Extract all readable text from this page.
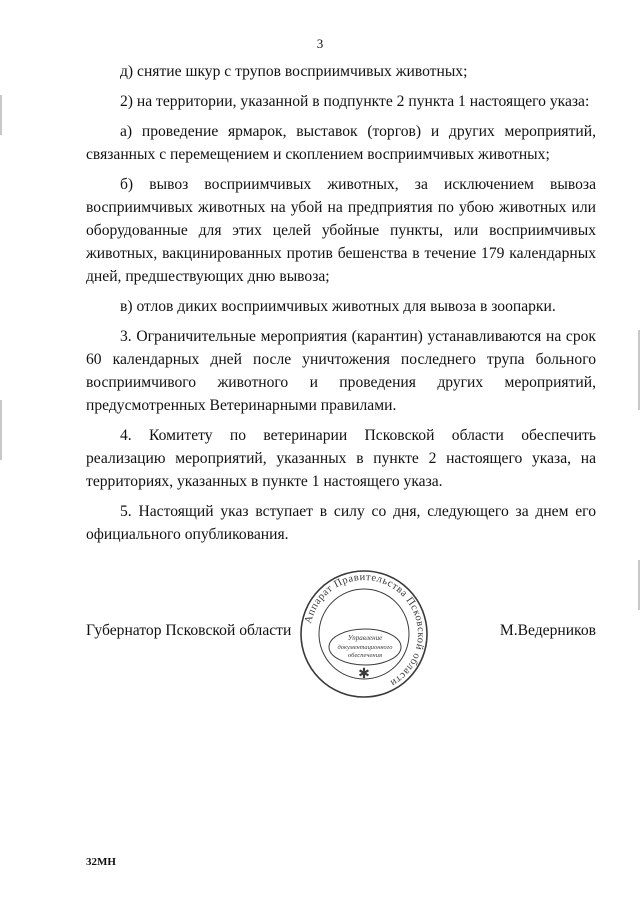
3

д) снятие шкур с трупов восприимчивых животных;

2) на территории, указанной в подпункте 2 пункта 1 настоящего указа:

а) проведение ярмарок, выставок (торгов) и других мероприятий, связанных с перемещением и скоплением восприимчивых животных;

б) вывоз восприимчивых животных, за исключением вывоза восприимчивых животных на убой на предприятия по убою животных или оборудованные для этих целей убойные пункты, или восприимчивых животных, вакцинированных против бешенства в течение 179 календарных дней, предшествующих дню вывоза;

в) отлов диких восприимчивых животных для вывоза в зоопарки.

3. Ограничительные мероприятия (карантин) устанавливаются на срок 60 календарных дней после уничтожения последнего трупа больного восприимчивого животного и проведения других мероприятий, предусмотренных Ветеринарными правилами.

4. Комитету по ветеринарии Псковской области обеспечить реализацию мероприятий, указанных в пункте 2 настоящего указа, на территориях, указанных в пункте 1 настоящего указа.

5. Настоящий указ вступает в силу со дня, следующего за днем его официального опубликования.

Губернатор Псковской области
Аппарат Правительства Псковской области
Управление
документационного
обеспечения
✱
М.Ведерников
32МН
